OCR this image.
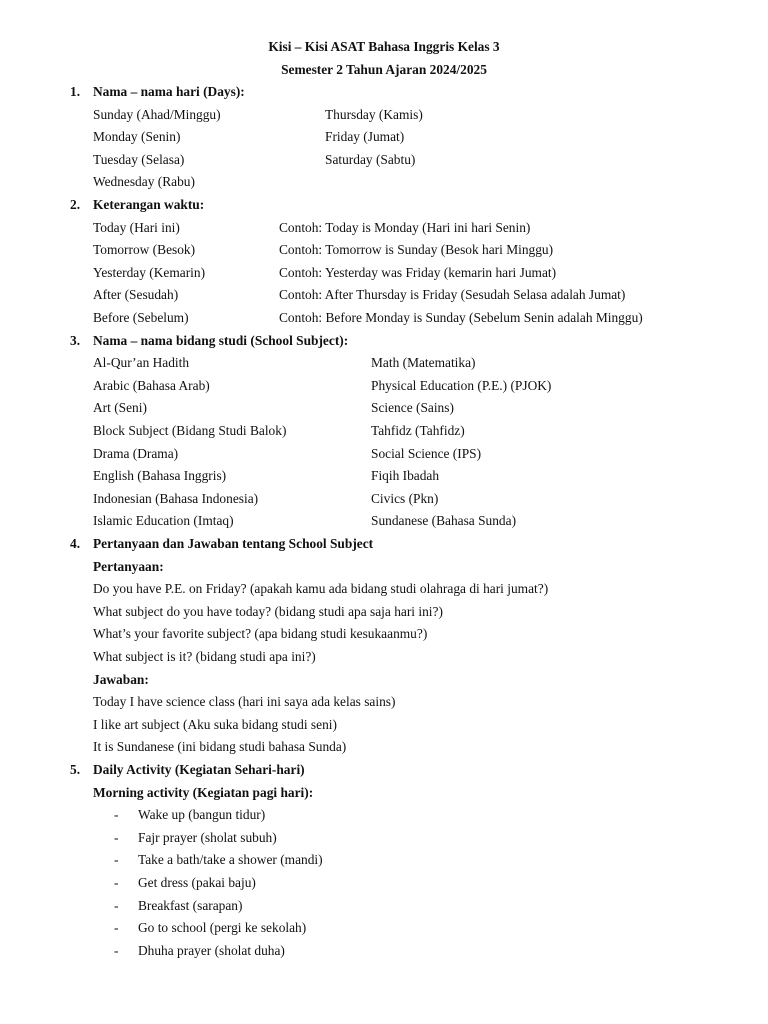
Kisi – Kisi ASAT Bahasa Inggris Kelas 3
Semester 2 Tahun Ajaran 2024/2025
1. Nama – nama hari (Days):
Sunday (Ahad/Minggu)	Thursday (Kamis)
Monday (Senin)	Friday (Jumat)
Tuesday (Selasa)	Saturday (Sabtu)
Wednesday (Rabu)
2. Keterangan waktu:
Today (Hari ini)	Contoh: Today is Monday (Hari ini hari Senin)
Tomorrow (Besok)	Contoh: Tomorrow is Sunday (Besok hari Minggu)
Yesterday (Kemarin)	Contoh: Yesterday was Friday (kemarin hari Jumat)
After (Sesudah)	Contoh: After Thursday is Friday (Sesudah Selasa adalah Jumat)
Before (Sebelum)	Contoh: Before Monday is Sunday (Sebelum Senin adalah Minggu)
3. Nama – nama bidang studi (School Subject):
Al-Qur’an Hadith	Math (Matematika)
Arabic (Bahasa Arab)	Physical Education (P.E.) (PJOK)
Art (Seni)	Science (Sains)
Block Subject (Bidang Studi Balok)	Tahfidz (Tahfidz)
Drama (Drama)	Social Science (IPS)
English (Bahasa Inggris)	Fiqih Ibadah
Indonesian (Bahasa Indonesia)	Civics (Pkn)
Islamic Education (Imtaq)	Sundanese (Bahasa Sunda)
4. Pertanyaan dan Jawaban tentang School Subject
Pertanyaan:
Do you have P.E. on Friday? (apakah kamu ada bidang studi olahraga di hari jumat?)
What subject do you have today? (bidang studi apa saja hari ini?)
What’s your favorite subject? (apa bidang studi kesukaanmu?)
What subject is it? (bidang studi apa ini?)
Jawaban:
Today I have science class (hari ini saya ada kelas sains)
I like art subject (Aku suka bidang studi seni)
It is Sundanese (ini bidang studi bahasa Sunda)
5. Daily Activity (Kegiatan Sehari-hari)
Morning activity (Kegiatan pagi hari):
- Wake up (bangun tidur)
- Fajr prayer (sholat subuh)
- Take a bath/take a shower (mandi)
- Get dress (pakai baju)
- Breakfast (sarapan)
- Go to school (pergi ke sekolah)
- Dhuha prayer (sholat duha)
